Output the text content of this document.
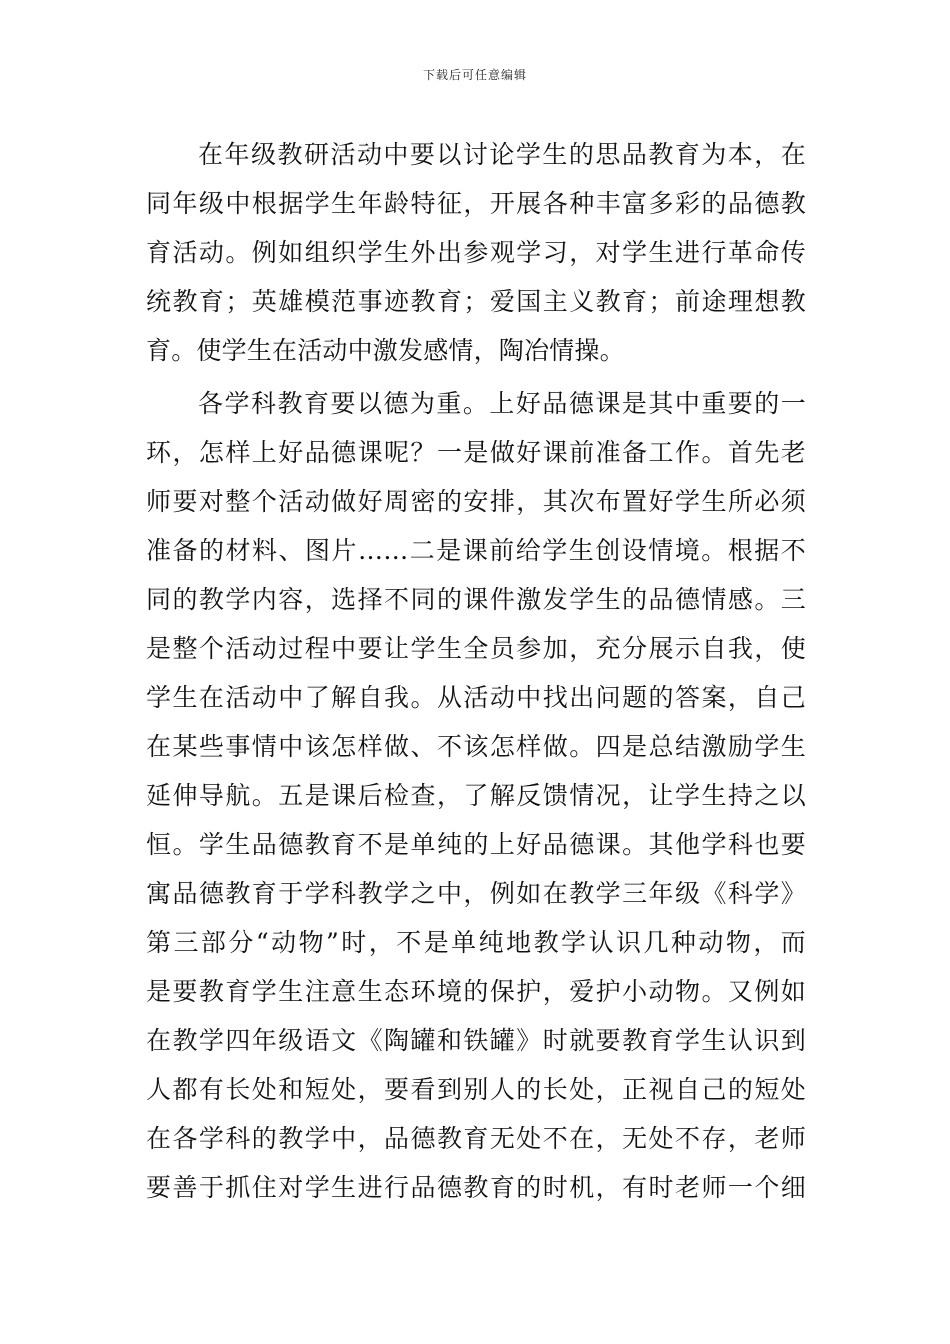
下载后可任意编辑
在年级教研活动中要以讨论学生的思品教育为本，在
同年级中根据学生年龄特征，开展各种丰富多彩的品德教
育活动。例如组织学生外出参观学习，对学生进行革命传
统教育；英雄模范事迹教育；爱国主义教育；前途理想教
育。使学生在活动中激发感情，陶冶情操。
各学科教育要以德为重。上好品德课是其中重要的一
环，怎样上好品德课呢？一是做好课前准备工作。首先老
师要对整个活动做好周密的安排，其次布置好学生所必须
准备的材料、图片……二是课前给学生创设情境。根据不
同的教学内容，选择不同的课件激发学生的品德情感。三
是整个活动过程中要让学生全员参加，充分展示自我，使
学生在活动中了解自我。从活动中找出问题的答案，自己
在某些事情中该怎样做、不该怎样做。四是总结激励学生
延伸导航。五是课后检查，了解反馈情况，让学生持之以
恒。学生品德教育不是单纯的上好品德课。其他学科也要
寓品德教育于学科教学之中，例如在教学三年级《科学》
第三部分“动物”时，不是单纯地教学认识几种动物，而
是要教育学生注意生态环境的保护，爱护小动物。又例如
在教学四年级语文《陶罐和铁罐》时就要教育学生认识到
人都有长处和短处，要看到别人的长处，正视自己的短处
在各学科的教学中，品德教育无处不在，无处不存，老师
要善于抓住对学生进行品德教育的时机，有时老师一个细
